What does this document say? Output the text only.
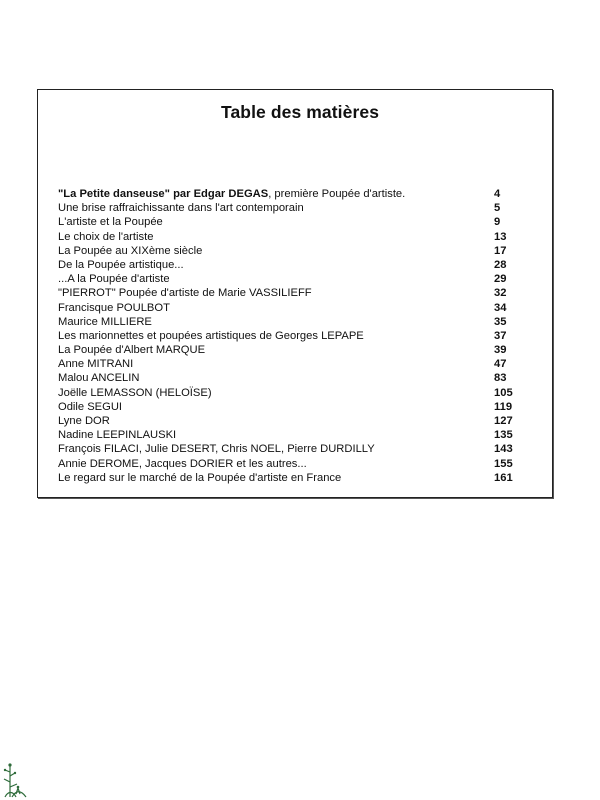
Table des matières
"La Petite danseuse" par Edgar DEGAS, première Poupée d'artiste.	4
Une brise raffraichissante dans l'art contemporain	5
L'artiste et la Poupée	9
Le choix de l'artiste	13
La Poupée au XIXème siècle	17
De la Poupée artistique...	28
...A la Poupée d'artiste	29
"PIERROT" Poupée d'artiste de Marie VASSILIEFF	32
Francisque POULBOT	34
Maurice MILLIERE	35
Les marionnettes et poupées artistiques de Georges LEPAPE	37
La Poupée d'Albert MARQUE	39
Anne MITRANI	47
Malou ANCELIN	83
Joëlle LEMASSON (HELOÏSE)	105
Odile SEGUI	119
Lyne DOR	127
Nadine LEEPINLAUSKI	135
François FILACI, Julie DESERT, Chris NOEL, Pierre DURDILLY	143
Annie DEROME, Jacques DORIER et les autres...	155
Le regard sur le marché de la Poupée d'artiste en France	161
